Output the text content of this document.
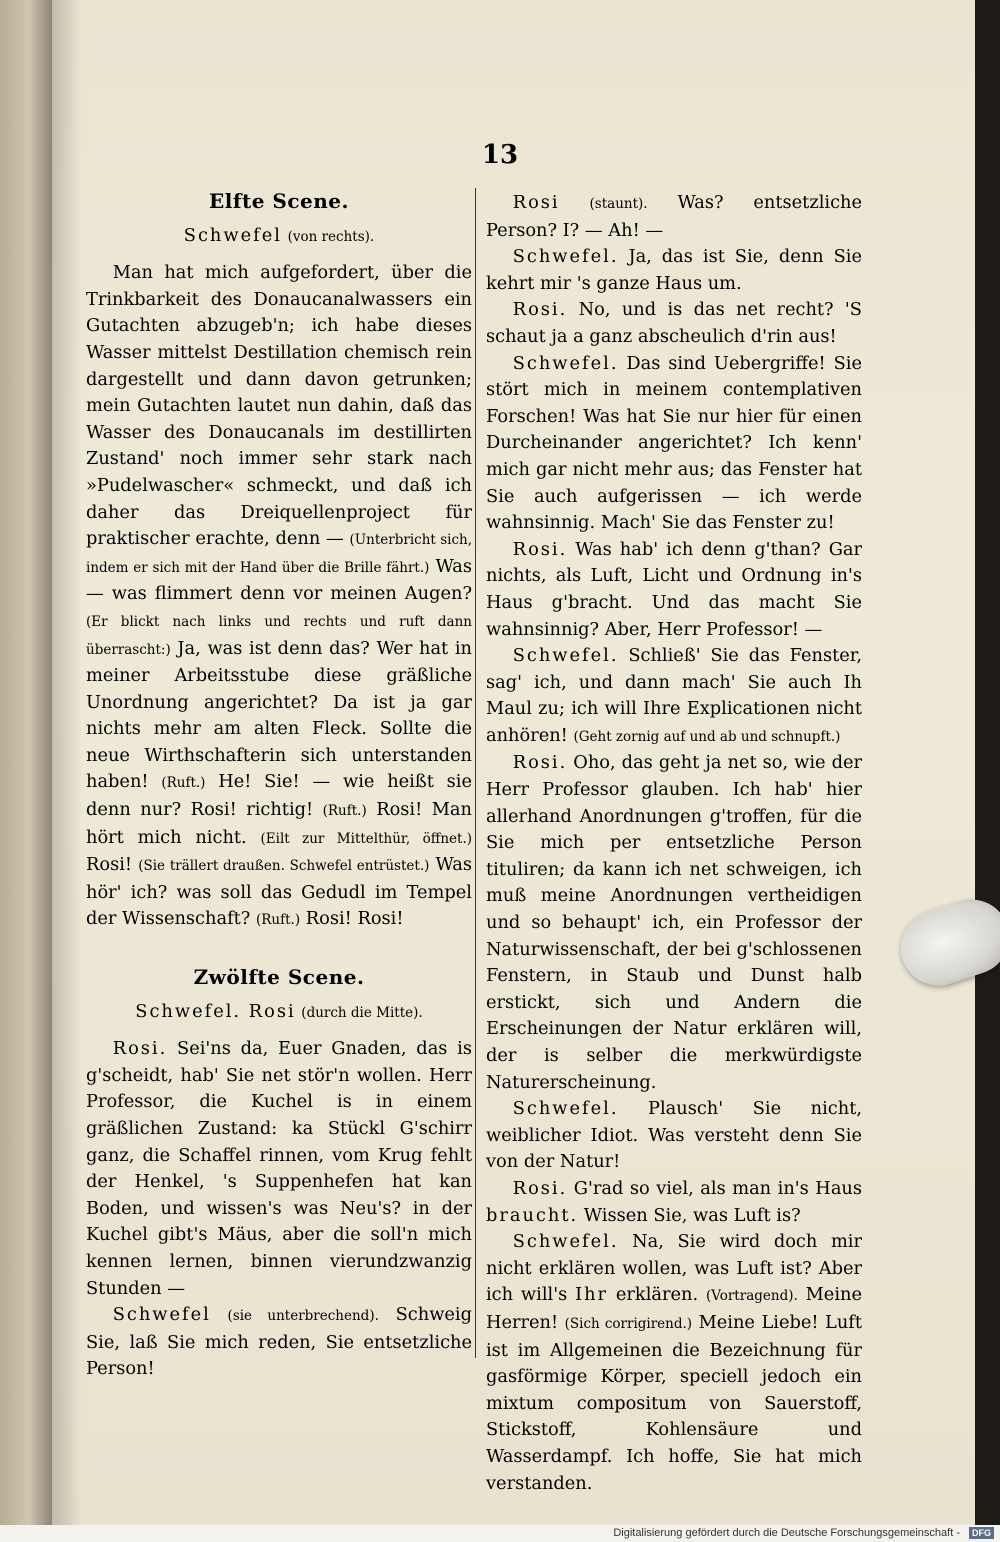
13

Elfte Scene.

Schwefel (von rechts).

Man hat mich aufgefordert, über die Trinkbarkeit des Donaucanalwassers ein Gutachten abzugeb'n; ich habe dieses Wasser mittelst Destillation chemisch rein dargestellt und dann davon getrunken; mein Gutachten lautet nun dahin, daß das Wasser des Donaucanals im destillirten Zustand' noch immer sehr stark nach »Pudelwascher« schmeckt, und daß ich daher das Dreiquellenproject für praktischer erachte, denn — (Unterbricht sich, indem er sich mit der Hand über die Brille fährt.) Was — was flimmert denn vor meinen Augen? (Er blickt nach links und rechts und ruft dann überrascht:) Ja, was ist denn das? Wer hat in meiner Arbeitsstube diese gräßliche Unordnung angerichtet? Da ist ja gar nichts mehr am alten Fleck. Sollte die neue Wirthschafterin sich unterstanden haben! (Ruft.) He! Sie! — wie heißt sie denn nur? Rosi! richtig! (Ruft.) Rosi! Man hört mich nicht. (Eilt zur Mittelthür, öffnet.) Rosi! (Sie trällert draußen. Schwefel entrüstet.) Was hör' ich? was soll das Gedudl im Tempel der Wissenschaft? (Ruft.) Rosi! Rosi!

Zwölfte Scene.

Schwefel. Rosi (durch die Mitte).

Rosi. Sei'ns da, Euer Gnaden, das is g'scheidt, hab' Sie net stör'n wollen. Herr Professor, die Kuchel is in einem gräßlichen Zustand: ka Stückl G'schirr ganz, die Schaffel rinnen, vom Krug fehlt der Henkel, 's Suppenhefen hat kan Boden, und wissen's was Neu's? in der Kuchel gibt's Mäus, aber die soll'n mich kennen lernen, binnen vierundzwanzig Stunden —

Schwefel (sie unterbrechend). Schweig Sie, laß Sie mich reden, Sie entsetzliche Person!

Rosi (staunt). Was? entsetzliche Person? I? — Ah! —

Schwefel. Ja, das ist Sie, denn Sie kehrt mir 's ganze Haus um.

Rosi. No, und is das net recht? 'S schaut ja a ganz abscheulich d'rin aus!

Schwefel. Das sind Uebergriffe! Sie stört mich in meinem contemplativen Forschen! Was hat Sie nur hier für einen Durcheinander angerichtet? Ich kenn' mich gar nicht mehr aus; das Fenster hat Sie auch aufgerissen — ich werde wahnsinnig. Mach' Sie das Fenster zu!

Rosi. Was hab' ich denn g'than? Gar nichts, als Luft, Licht und Ordnung in's Haus g'bracht. Und das macht Sie wahnsinnig? Aber, Herr Professor! —

Schwefel. Schließ' Sie das Fenster, sag' ich, und dann mach' Sie auch Ih Maul zu; ich will Ihre Explicationen nicht anhören! (Geht zornig auf und ab und schnupft.)

Rosi. Oho, das geht ja net so, wie der Herr Professor glauben. Ich hab' hier allerhand Anordnungen g'troffen, für die Sie mich per entsetzliche Person tituliren; da kann ich net schweigen, ich muß meine Anordnungen vertheidigen und so behaupt' ich, ein Professor der Naturwissenschaft, der bei g'schlossenen Fenstern, in Staub und Dunst halb erstickt, sich und Andern die Erscheinungen der Natur erklären will, der is selber die merkwürdigste Naturerscheinung.

Schwefel. Plausch' Sie nicht, weiblicher Idiot. Was versteht denn Sie von der Natur!

Rosi. G'rad so viel, als man in's Haus braucht. Wissen Sie, was Luft is?

Schwefel. Na, Sie wird doch mir nicht erklären wollen, was Luft ist? Aber ich will's Ihr erklären. (Vortragend). Meine Herren! (Sich corrigirend.) Meine Liebe! Luft ist im Allgemeinen die Bezeichnung für gasförmige Körper, speciell jedoch ein mixtum compositum von Sauerstoff, Stickstoff, Kohlensäure und Wasserdampf. Ich hoffe, Sie hat mich verstanden.

Digitalisierung gefördert durch die Deutsche Forschungsgemeinschaft -	DFG
